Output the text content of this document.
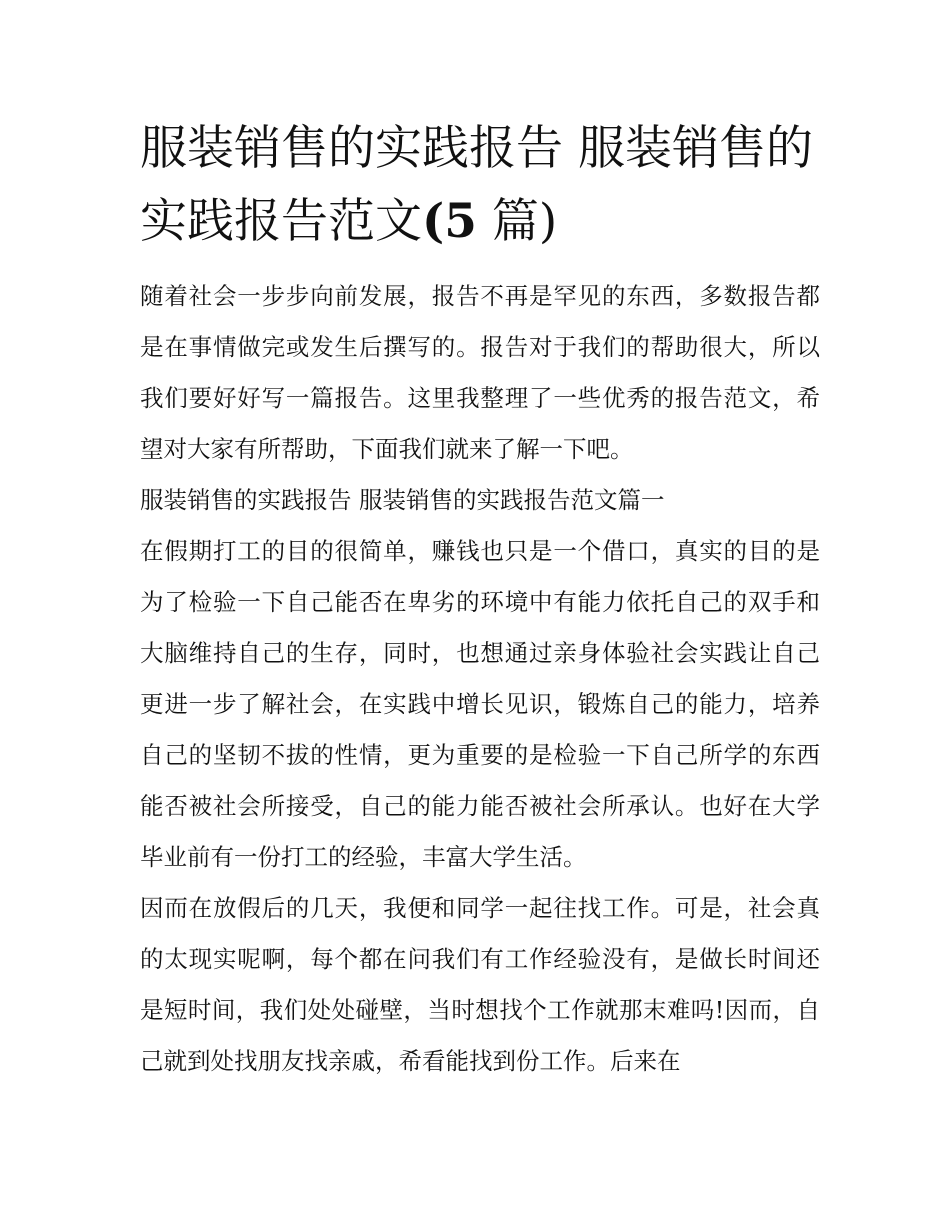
服装销售的实践报告 服装销售的实践报告范文(5 篇)

随着社会一步步向前发展，报告不再是罕见的东西，多数报告都是在事情做完或发生后撰写的。报告对于我们的帮助很大，所以我们要好好写一篇报告。这里我整理了一些优秀的报告范文，希望对大家有所帮助，下面我们就来了解一下吧。

服装销售的实践报告 服装销售的实践报告范文篇一

在假期打工的目的很简单，赚钱也只是一个借口，真实的目的是为了检验一下自己能否在卑劣的环境中有能力依托自己的双手和大脑维持自己的生存，同时，也想通过亲身体验社会实践让自己更进一步了解社会，在实践中增长见识，锻炼自己的能力，培养自己的坚韧不拔的性情，更为重要的是检验一下自己所学的东西能否被社会所接受，自己的能力能否被社会所承认。也好在大学毕业前有一份打工的经验，丰富大学生活。

因而在放假后的几天，我便和同学一起往找工作。可是，社会真的太现实呢啊，每个都在问我们有工作经验没有，是做长时间还是短时间，我们处处碰壁，当时想找个工作就那末难吗!因而，自己就到处找朋友找亲戚，希看能找到份工作。后来在
